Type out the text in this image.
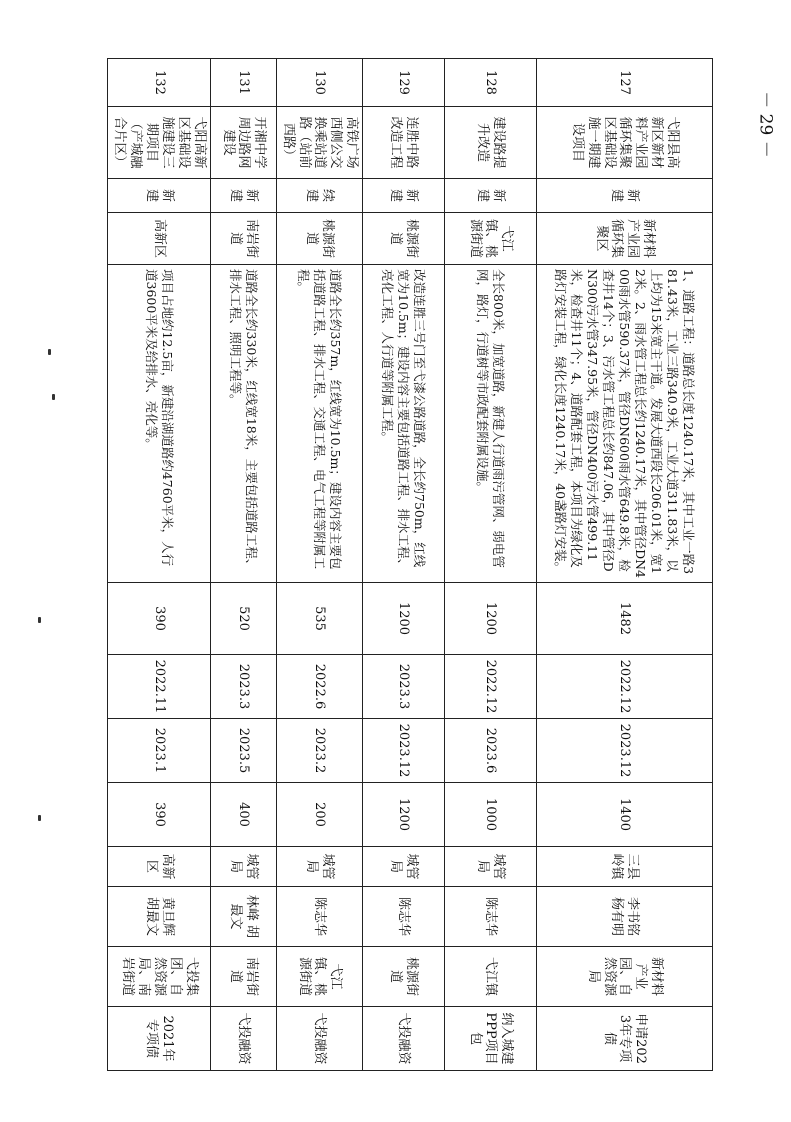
127	弋阳县高新区新材料产业园循环集聚区基础设施一期建设项目	新建	新材料产业园循环集聚区	1、道路工程：道路总长度1240.17米，其中工业一路381.43米，工业三路340.9米，工业大道311.83米，以上均为15米宽主干道。发展大道西段长206.01米，宽12米。2、雨水管工程总长约1240.17米，其中管径DN400雨水管590.37米，管径DN600雨水管649.8米，检查井14个；3、污水管工程总长约847.06，其中管径DN300污水管347.95米，管径DN400污水管499.11米，检查井11个；4、道路配套工程，本项目为绿化及路灯安装工程，绿化长度1240.17米，40盏路灯安装。	1482	2022.12	2023.12	1400	三县岭镇	李书铭 杨有明	新材料产业园、自然资源局	申请2023年专项债
128	建设路提升改造	新建	弋江镇、桃源街道	全长800米，加宽道路，新建人行道雨污管网、弱电管网，路灯，行道树等市政配套附属设施。	1200	2022.12	2023.6	1000	城管局	陈志华	弋江镇	纳入城建PPP项目包
129	连胜中路改造工程	新建	桃源街道	改造连胜三号门至弋漆公路道路，全长约750m，红线宽为10.5m；建设内容主要包括道路工程、排水工程、亮化工程、人行道等附属工程。	1200	2023.3	2023.12	1200	城管局	陈志华	桃源街道	弋投融资
130	高铁广场西侧公交换乘站道路（站前西路）	续建	桃源街道	道路全长约357m，红线宽为10.5m；建设内容主要包括道路工程、排水工程、交通工程、电气工程等附属工程。	535	2022.6	2023.2	200	城管局	陈志华	弋江镇、桃源街道	弋投融资
131	开湘中学周边路网建设	新建	南岩街道	道路全长约330米，红线宽18米，主要包括道路工程、排水工程、照明工程等。	520	2023.3	2023.5	400	城管局	林峰 胡最文	南岩街道	弋投融资
132	弋阳高新区基础设施建设三期项目（产城融合片区）	新建	高新区	项目占地约12.5亩，新建沿湖道路约4760平米，人行道3600平米及给排水、亮化等。	390	2022.11	2023.1	390	高新区	黄旦辉 胡最文	弋投集团、自然资源局、南岩街道	2021年专项债
－ 29 －
